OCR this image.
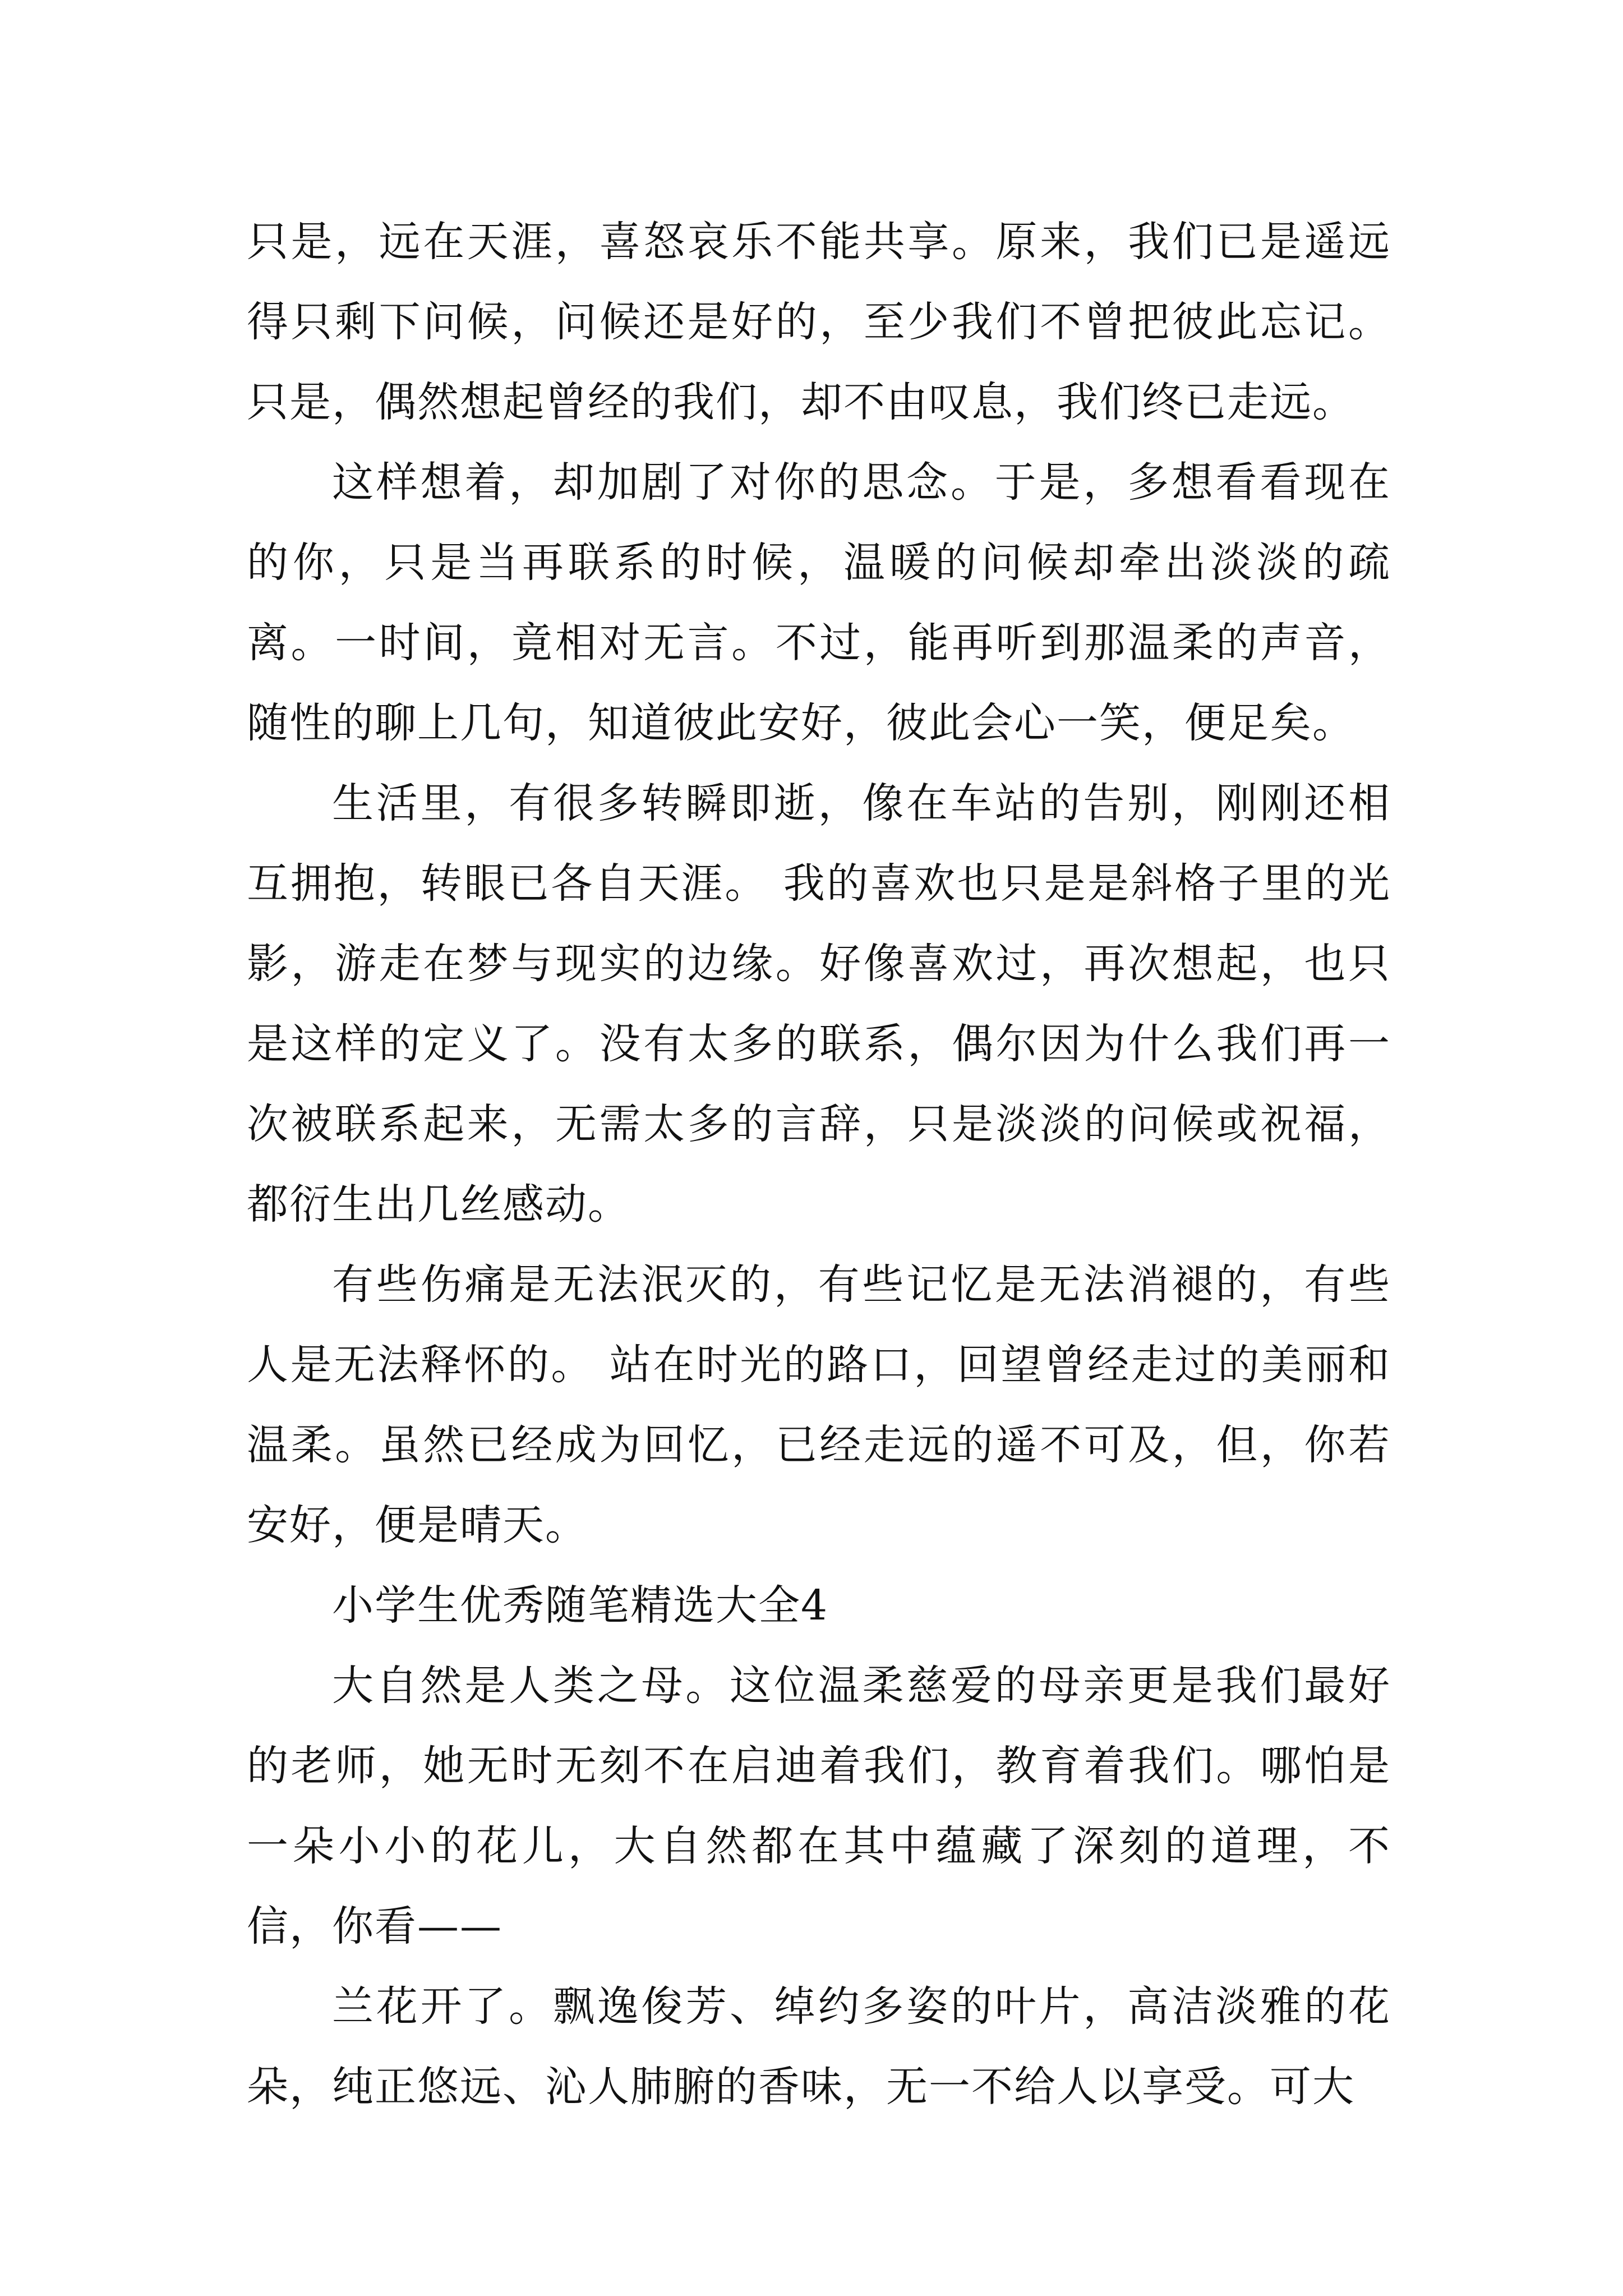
只是，远在天涯，喜怒哀乐不能共享。原来，我们已是遥远得只剩下问候，问候还是好的，至少我们不曾把彼此忘记。只是，偶然想起曾经的我们，却不由叹息，我们终已走远。

这样想着，却加剧了对你的思念。于是，多想看看现在的你，只是当再联系的时候，温暖的问候却牵出淡淡的疏离。一时间，竟相对无言。不过，能再听到那温柔的声音，随性的聊上几句，知道彼此安好，彼此会心一笑，便足矣。

生活里，有很多转瞬即逝，像在车站的告别，刚刚还相互拥抱，转眼已各自天涯。 我的喜欢也只是是斜格子里的光影，游走在梦与现实的边缘。好像喜欢过，再次想起，也只是这样的定义了。没有太多的联系，偶尔因为什么我们再一次被联系起来，无需太多的言辞，只是淡淡的问候或祝福，都衍生出几丝感动。

有些伤痛是无法泯灭的，有些记忆是无法消褪的，有些人是无法释怀的。 站在时光的路口，回望曾经走过的美丽和温柔。虽然已经成为回忆，已经走远的遥不可及，但，你若安好，便是晴天。

小学生优秀随笔精选大全4

大自然是人类之母。这位温柔慈爱的母亲更是我们最好的老师，她无时无刻不在启迪着我们，教育着我们。哪怕是一朵小小的花儿，大自然都在其中蕴藏了深刻的道理，不信，你看——

兰花开了。飘逸俊芳、绰约多姿的叶片，高洁淡雅的花朵，纯正悠远、沁人肺腑的香味，无一不给人以享受。可大
